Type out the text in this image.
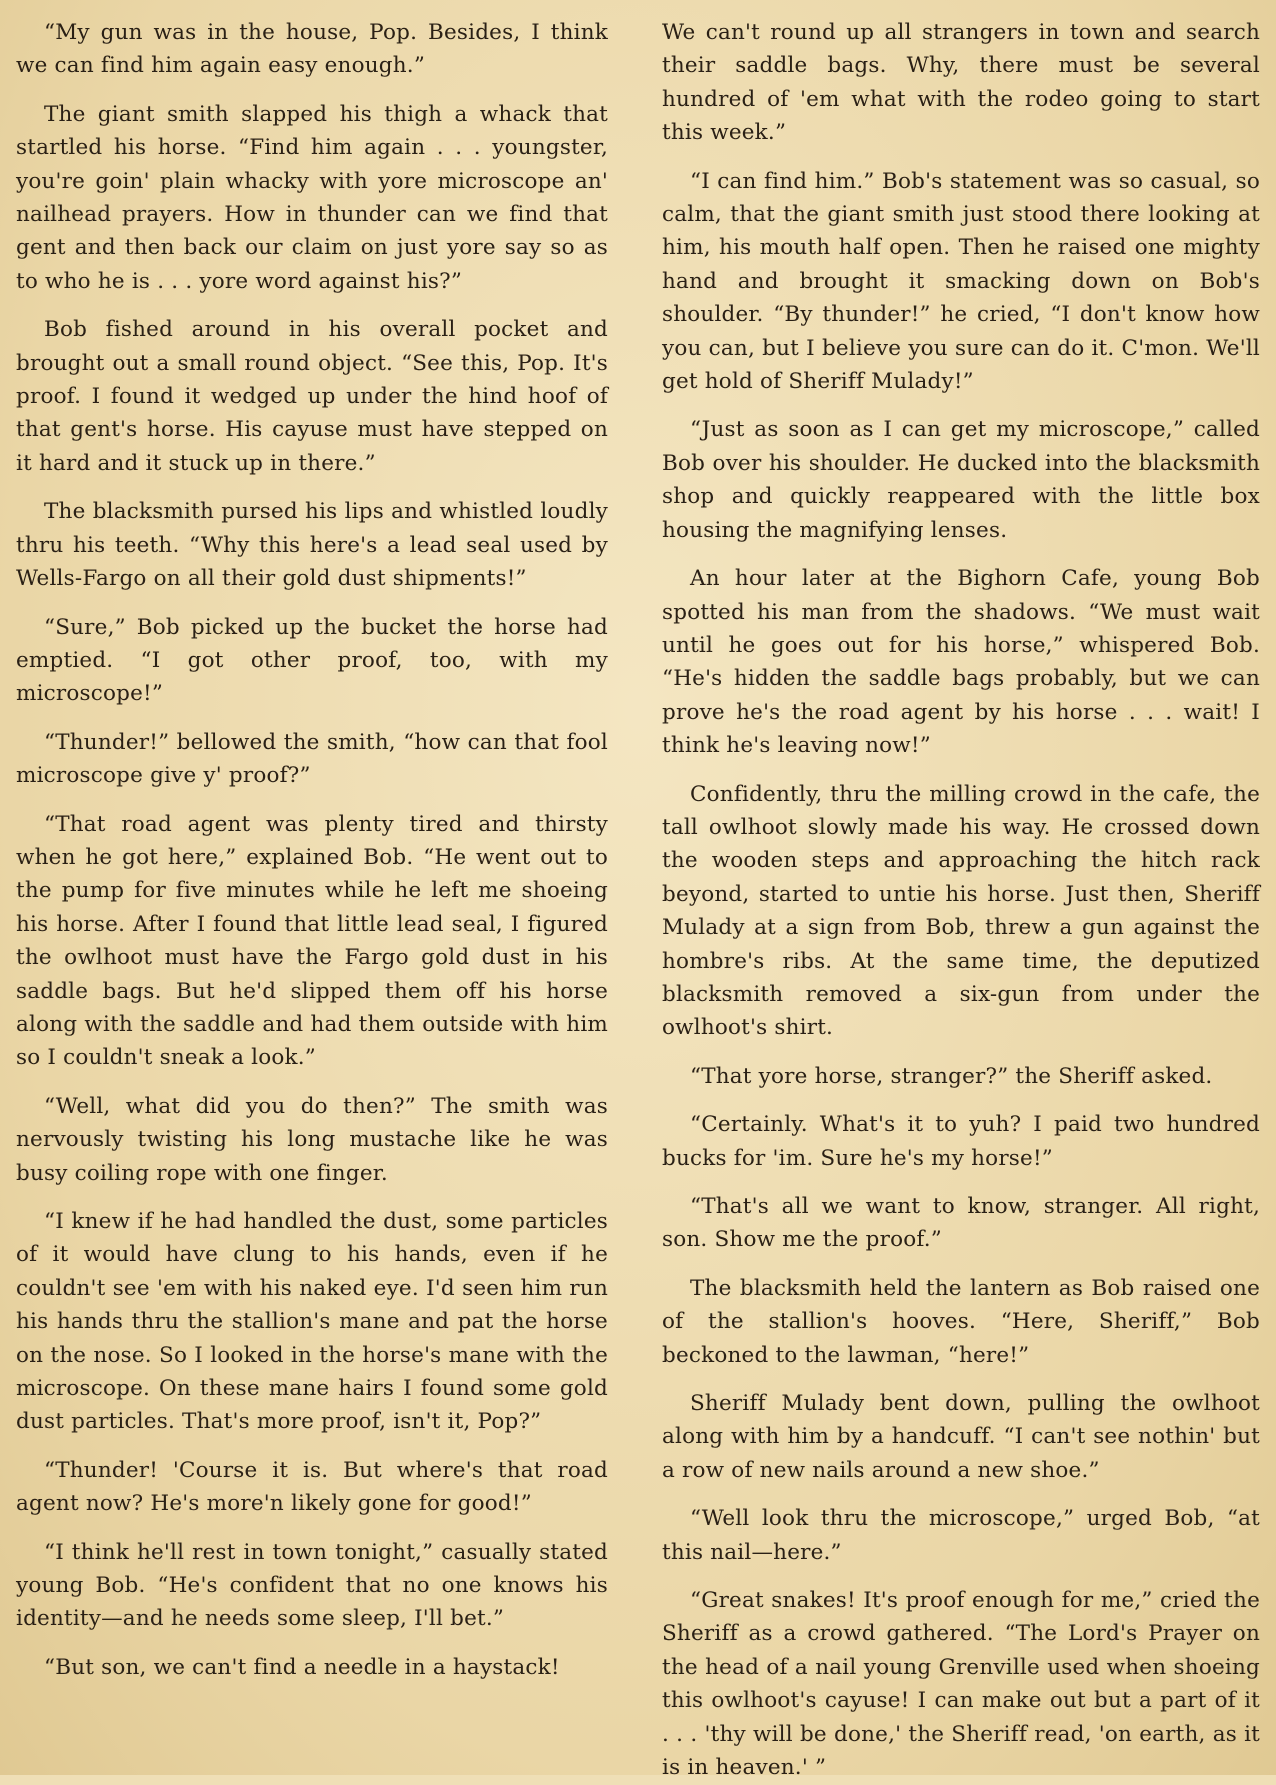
“My gun was in the house, Pop. Besides, I think we can find him again easy enough.”

The giant smith slapped his thigh a whack that startled his horse. “Find him again . . . youngster, you're goin' plain whacky with yore microscope an' nailhead prayers. How in thunder can we find that gent and then back our claim on just yore say so as to who he is . . . yore word against his?”

Bob fished around in his overall pocket and brought out a small round object. “See this, Pop. It's proof. I found it wedged up under the hind hoof of that gent's horse. His cayuse must have stepped on it hard and it stuck up in there.”

The blacksmith pursed his lips and whistled loudly thru his teeth. “Why this here's a lead seal used by Wells-Fargo on all their gold dust shipments!”

“Sure,” Bob picked up the bucket the horse had emptied. “I got other proof, too, with my microscope!”

“Thunder!” bellowed the smith, “how can that fool microscope give y' proof?”

“That road agent was plenty tired and thirsty when he got here,” explained Bob. “He went out to the pump for five minutes while he left me shoeing his horse. After I found that little lead seal, I figured the owlhoot must have the Fargo gold dust in his saddle bags. But he'd slipped them off his horse along with the saddle and had them outside with him so I couldn't sneak a look.”

“Well, what did you do then?” The smith was nervously twisting his long mustache like he was busy coiling rope with one finger.

“I knew if he had handled the dust, some particles of it would have clung to his hands, even if he couldn't see 'em with his naked eye. I'd seen him run his hands thru the stallion's mane and pat the horse on the nose. So I looked in the horse's mane with the microscope. On these mane hairs I found some gold dust particles. That's more proof, isn't it, Pop?”

“Thunder! 'Course it is. But where's that road agent now? He's more'n likely gone for good!”

“I think he'll rest in town tonight,” casually stated young Bob. “He's confident that no one knows his identity—and he needs some sleep, I'll bet.”

“But son, we can't find a needle in a haystack!

We can't round up all strangers in town and search their saddle bags. Why, there must be several hundred of 'em what with the rodeo going to start this week.”

“I can find him.” Bob's statement was so casual, so calm, that the giant smith just stood there looking at him, his mouth half open. Then he raised one mighty hand and brought it smacking down on Bob's shoulder. “By thunder!” he cried, “I don't know how you can, but I believe you sure can do it. C'mon. We'll get hold of Sheriff Mulady!”

“Just as soon as I can get my microscope,” called Bob over his shoulder. He ducked into the blacksmith shop and quickly reappeared with the little box housing the magnifying lenses.

An hour later at the Bighorn Cafe, young Bob spotted his man from the shadows. “We must wait until he goes out for his horse,” whispered Bob. “He's hidden the saddle bags probably, but we can prove he's the road agent by his horse . . . wait! I think he's leaving now!”

Confidently, thru the milling crowd in the cafe, the tall owlhoot slowly made his way. He crossed down the wooden steps and approaching the hitch rack beyond, started to untie his horse. Just then, Sheriff Mulady at a sign from Bob, threw a gun against the hombre's ribs. At the same time, the deputized blacksmith removed a six-gun from under the owlhoot's shirt.

“That yore horse, stranger?” the Sheriff asked.

“Certainly. What's it to yuh? I paid two hundred bucks for 'im. Sure he's my horse!”

“That's all we want to know, stranger. All right, son. Show me the proof.”

The blacksmith held the lantern as Bob raised one of the stallion's hooves. “Here, Sheriff,” Bob beckoned to the lawman, “here!”

Sheriff Mulady bent down, pulling the owlhoot along with him by a handcuff. “I can't see nothin' but a row of new nails around a new shoe.”

“Well look thru the microscope,” urged Bob, “at this nail—here.”

“Great snakes! It's proof enough for me,” cried the Sheriff as a crowd gathered. “The Lord's Prayer on the head of a nail young Grenville used when shoeing this owlhoot's cayuse! I can make out but a part of it . . . 'thy will be done,' the Sheriff read, 'on earth, as it is in heaven.' ”
